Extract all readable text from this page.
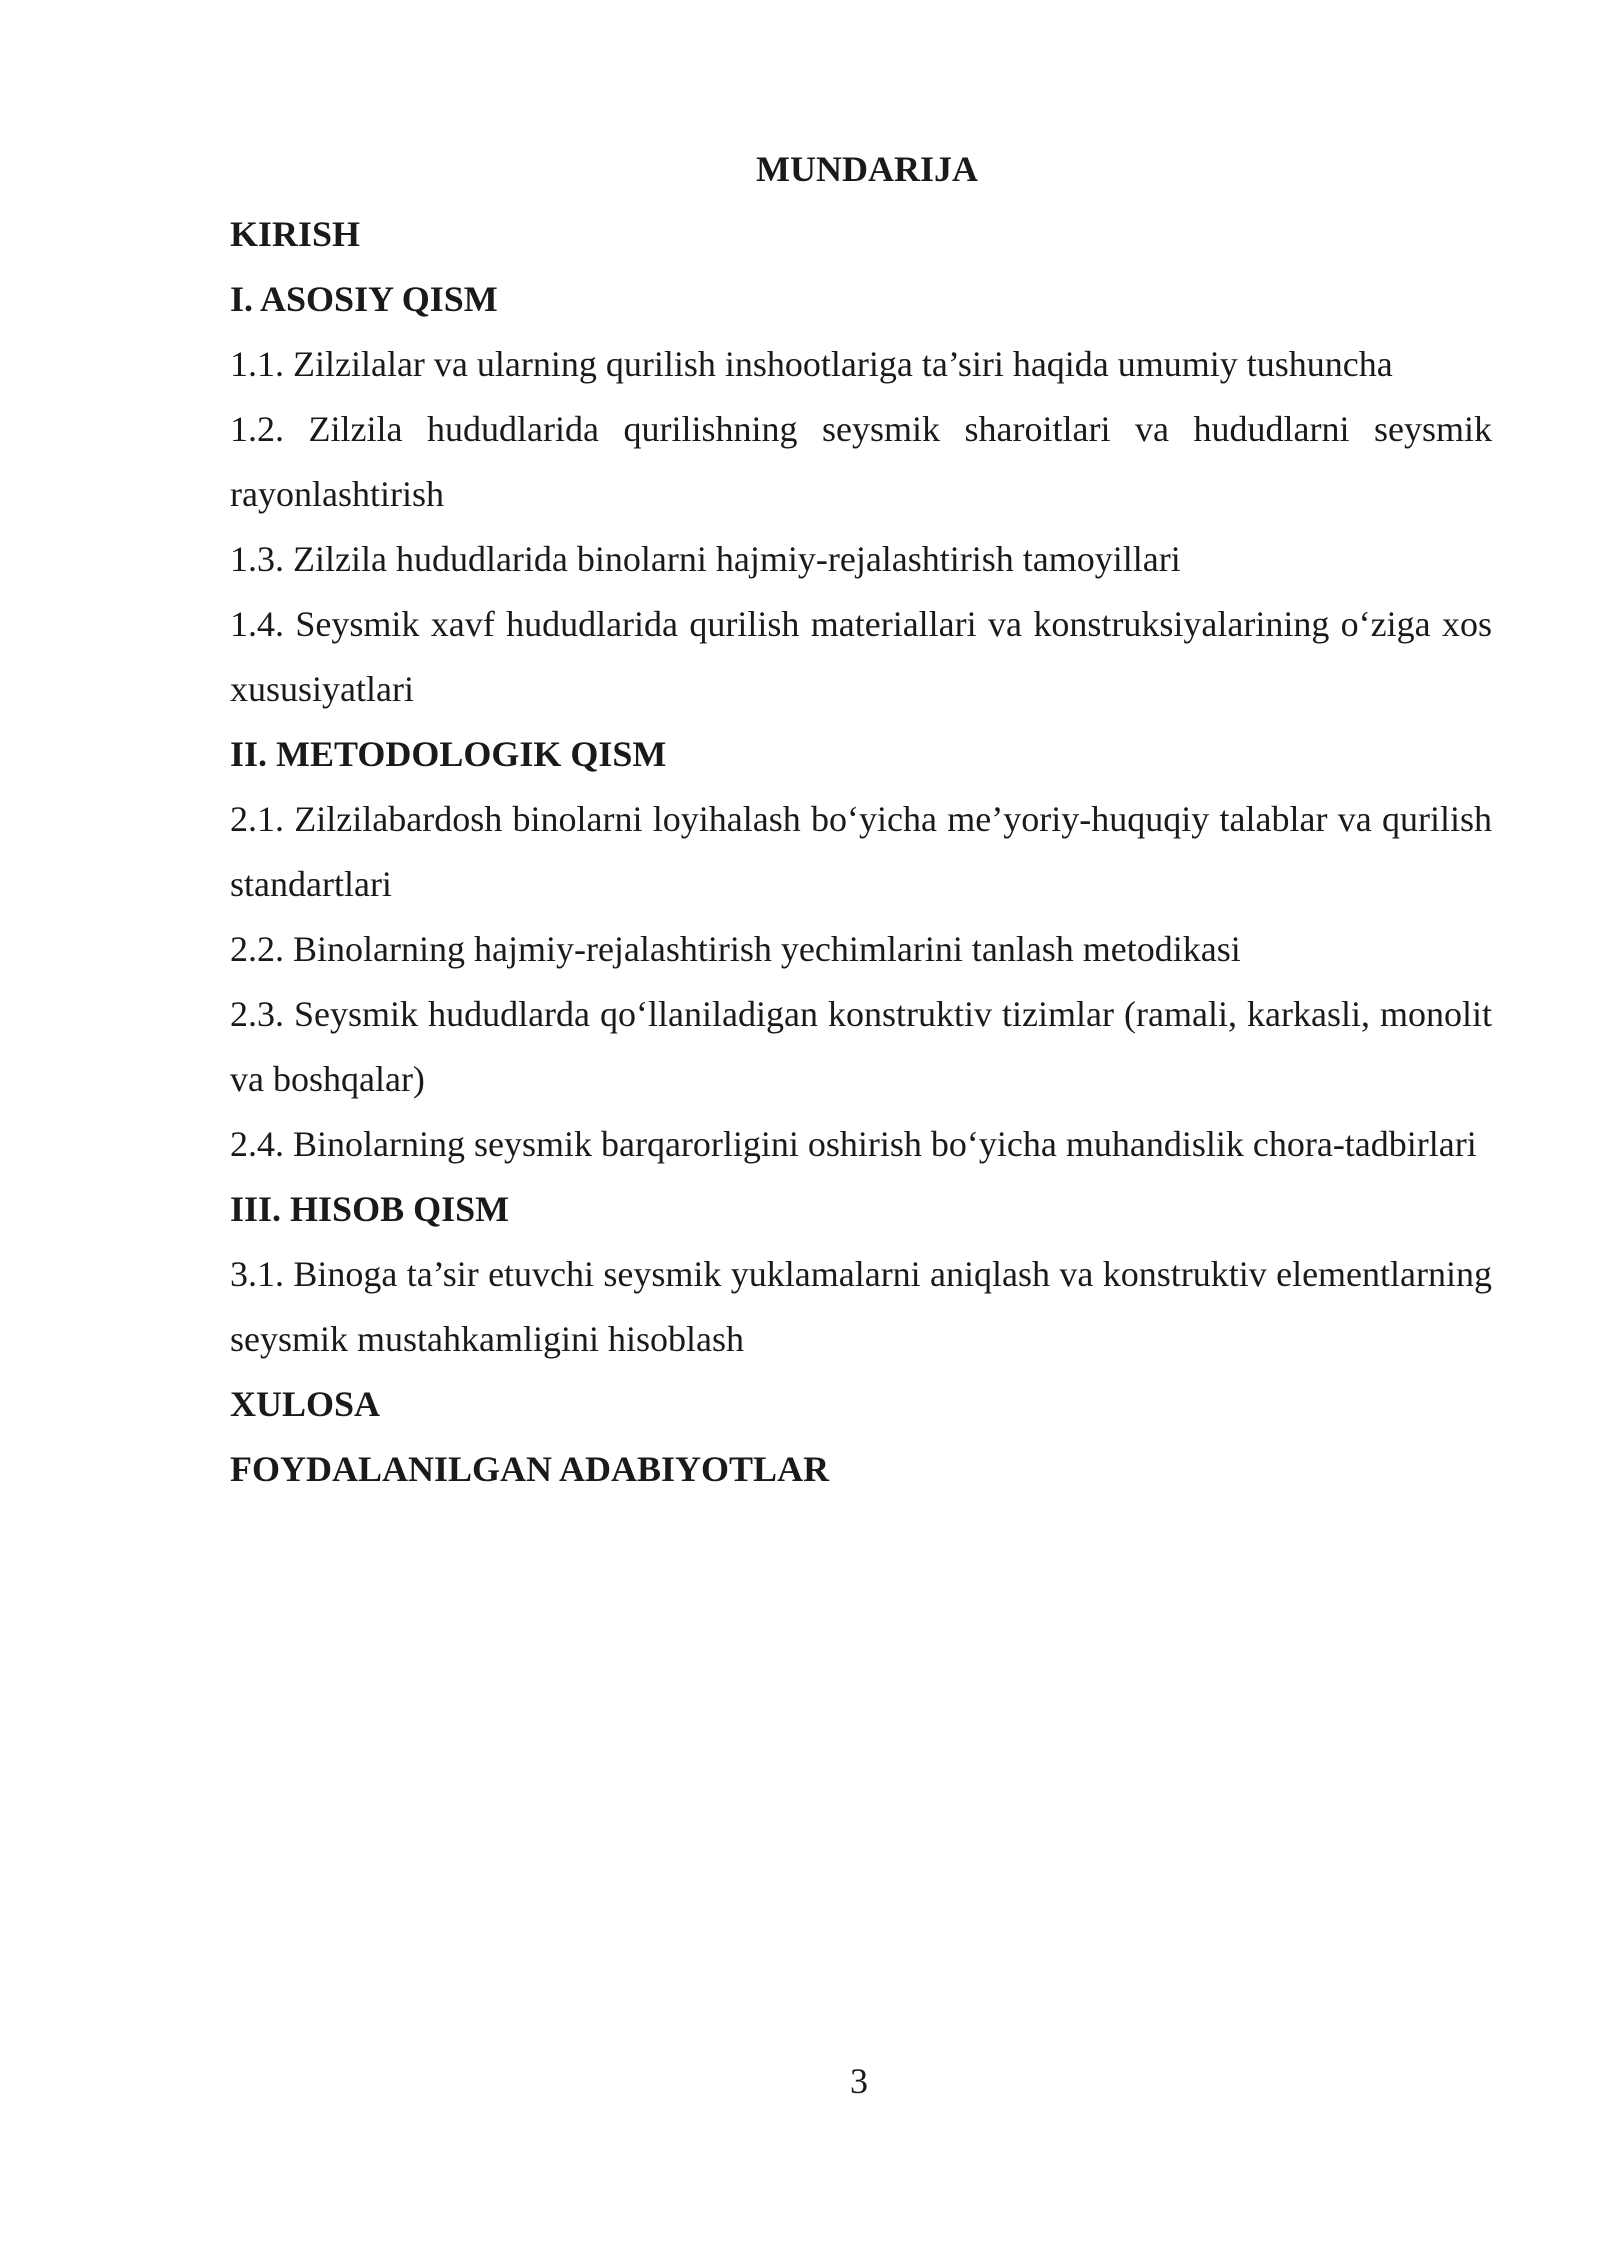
MUNDARIJA

KIRISH

I. ASOSIY QISM

1.1. Zilzilalar va ularning qurilish inshootlariga ta’siri haqida umumiy tushuncha

1.2. Zilzila hududlarida qurilishning seysmik sharoitlari va hududlarni seysmik rayonlashtirish

1.3. Zilzila hududlarida binolarni hajmiy-rejalashtirish tamoyillari

1.4. Seysmik xavf hududlarida qurilish materiallari va konstruksiyalarining o‘ziga xos xususiyatlari

II. METODOLOGIK QISM

2.1. Zilzilabardosh binolarni loyihalash bo‘yicha me’yoriy-huquqiy talablar va qurilish standartlari

2.2. Binolarning hajmiy-rejalashtirish yechimlarini tanlash metodikasi

2.3. Seysmik hududlarda qo‘llaniladigan konstruktiv tizimlar (ramali, karkasli, monolit va boshqalar)

2.4. Binolarning seysmik barqarorligini oshirish bo‘yicha muhandislik chora-tadbirlari

III. HISOB QISM

3.1. Binoga ta’sir etuvchi seysmik yuklamalarni aniqlash va konstruktiv elementlarning seysmik mustahkamligini hisoblash

XULOSA

FOYDALANILGAN ADABIYOTLAR

3
